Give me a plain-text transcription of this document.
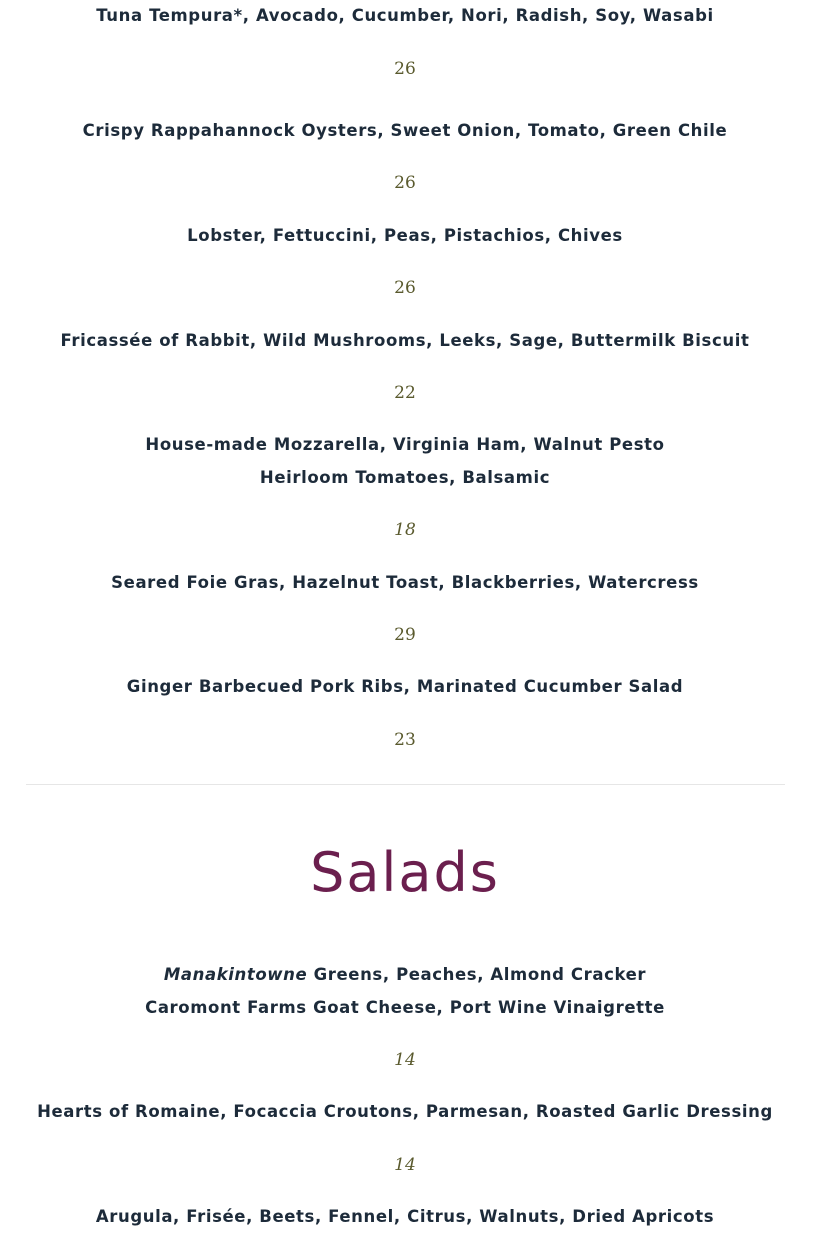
Tuna Tempura*, Avocado, Cucumber, Nori, Radish, Soy, Wasabi
26
Crispy Rappahannock Oysters, Sweet Onion, Tomato, Green Chile
26
Lobster, Fettuccini, Peas, Pistachios, Chives
26
Fricassée of Rabbit, Wild Mushrooms, Leeks, Sage, Buttermilk Biscuit
22
House-made Mozzarella, Virginia Ham, Walnut Pesto
Heirloom Tomatoes, Balsamic
18
Seared Foie Gras, Hazelnut Toast, Blackberries, Watercress
29
Ginger Barbecued Pork Ribs, Marinated Cucumber Salad
23
Salads
Manakintowne Greens, Peaches, Almond Cracker
Caromont Farms Goat Cheese, Port Wine Vinaigrette
14
Hearts of Romaine, Focaccia Croutons, Parmesan, Roasted Garlic Dressing
14
Arugula, Frisée, Beets, Fennel, Citrus, Walnuts, Dried Apricots
